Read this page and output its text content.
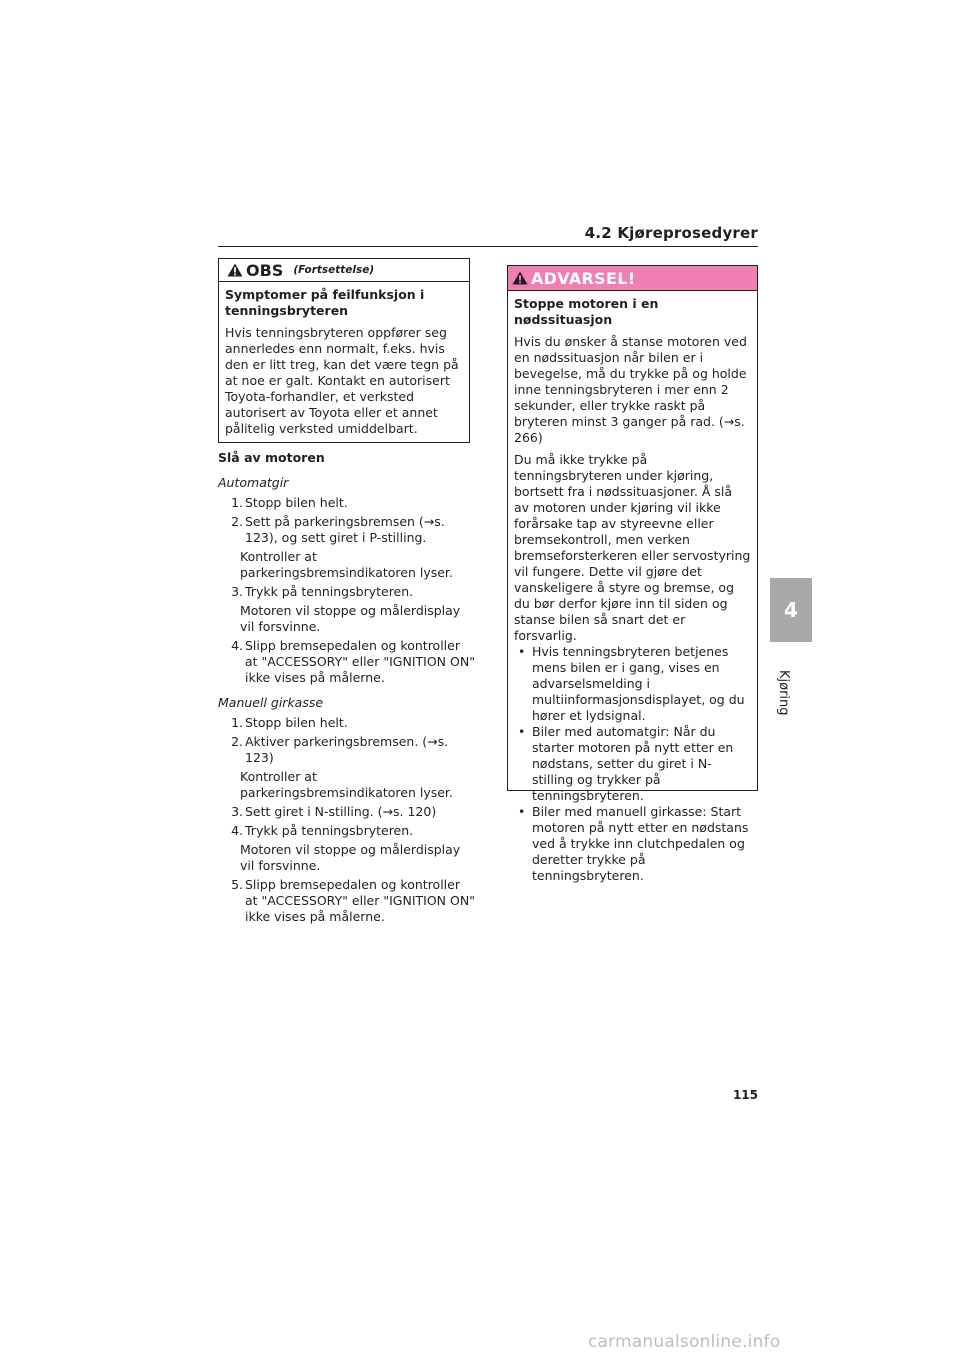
4.2 Kjøreprosedyrer
4
Kjøring
OBS (Fortsettelse)

Symptomer på feilfunksjon i tenningsbryteren

Hvis tenningsbryteren oppfører seg annerledes enn normalt, f.eks. hvis den er litt treg, kan det være tegn på at noe er galt. Kontakt en autorisert Toyota-forhandler, et verksted autorisert av Toyota eller et annet pålitelig verksted umiddelbart.

Slå av motoren

Automatgir

1. Stopp bilen helt.
2. Sett på parkeringsbremsen (→s. 123), og sett giret i P-stilling.
Kontroller at parkeringsbremsindikatoren lyser.
3. Trykk på tenningsbryteren.
Motoren vil stoppe og målerdisplay vil forsvinne.
4. Slipp bremsepedalen og kontroller at "ACCESSORY" eller "IGNITION ON" ikke vises på målerne.

Manuell girkasse

1. Stopp bilen helt.
2. Aktiver parkeringsbremsen. (→s. 123)
Kontroller at parkeringsbremsindikatoren lyser.
3. Sett giret i N-stilling. (→s. 120)
4. Trykk på tenningsbryteren.
Motoren vil stoppe og målerdisplay vil forsvinne.
5. Slipp bremsepedalen og kontroller at "ACCESSORY" eller "IGNITION ON" ikke vises på målerne.
ADVARSEL!

Stoppe motoren i en nødssituasjon

Hvis du ønsker å stanse motoren ved en nødssituasjon når bilen er i bevegelse, må du trykke på og holde inne tenningsbryteren i mer enn 2 sekunder, eller trykke raskt på bryteren minst 3 ganger på rad. (→s. 266)

Du må ikke trykke på tenningsbryteren under kjøring, bortsett fra i nødssituasjoner. Å slå av motoren under kjøring vil ikke forårsake tap av styreevne eller bremsekontroll, men verken bremseforsterkeren eller servostyring vil fungere. Dette vil gjøre det vanskeligere å styre og bremse, og du bør derfor kjøre inn til siden og stanse bilen så snart det er forsvarlig.

• Hvis tenningsbryteren betjenes mens bilen er i gang, vises en advarselsmelding i multiinformasjonsdisplayet, og du hører et lydsignal.
• Biler med automatgir: Når du starter motoren på nytt etter en nødstans, setter du giret i N-stilling og trykker på tenningsbryteren.
• Biler med manuell girkasse: Start motoren på nytt etter en nødstans ved å trykke inn clutchpedalen og deretter trykke på tenningsbryteren.
115
carmanualsonline.info
